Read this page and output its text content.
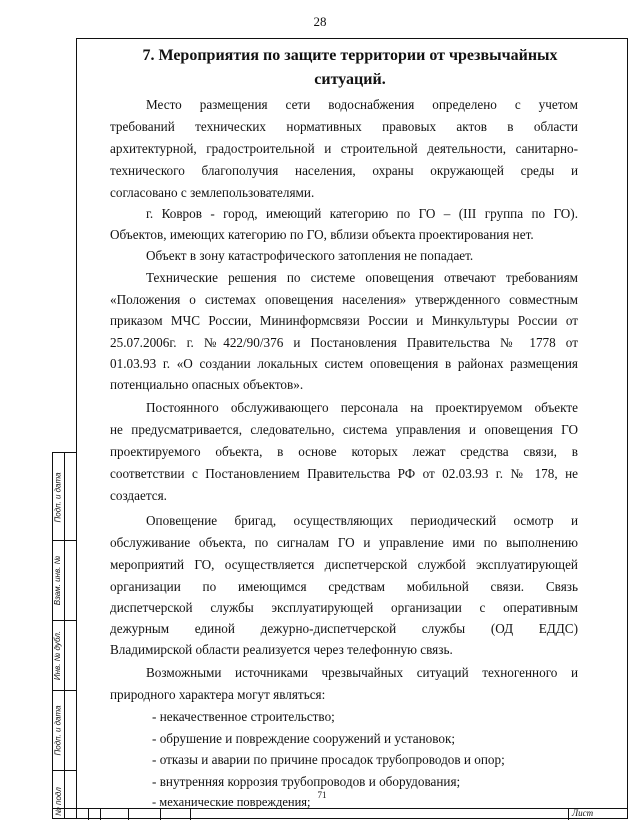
28
Подп. и дата
Взам. инв. №
Инв. № дубл.
Подп. и дата
№ подл
7. Мероприятия по защите территории от чрезвычайных
ситуаций.
Место размещения сети водоснабжения определено с учетом
требований технических нормативных правовых актов в области
архитектурной, градостроительной и строительной деятельности, санитарно-
технического благополучия населения, охраны окружающей среды и
согласовано с землепользователями.
г. Ковров - город, имеющий категорию по ГО – (III группа по ГО).
Объектов, имеющих категорию по ГО, вблизи объекта проектирования нет.
Объект в зону катастрофического затопления не попадает.
Технические решения по системе оповещения отвечают требованиям
«Положения о системах оповещения населения» утвержденного совместным
приказом МЧС России, Мининформсвязи России и Минкультуры России от
25.07.2006г. г. №422/90/376 и Постановления Правительства № 1778 от
01.03.93 г. «О создании локальных систем оповещения в районах размещения
потенциально опасных объектов».
Постоянного обслуживающего персонала на проектируемом объекте
не предусматривается, следовательно, система управления и оповещения ГО
проектируемого объекта, в основе которых лежат средства связи, в
соответствии с Постановлением Правительства РФ от 02.03.93 г. № 178, не
создается.
Оповещение бригад, осуществляющих периодический осмотр и
обслуживание объекта, по сигналам ГО и управление ими по выполнению
мероприятий ГО, осуществляется диспетчерской службой эксплуатирующей
организации по имеющимся средствам мобильной связи. Связь
диспетчерской службы эксплуатирующей организации с оперативным
дежурным единой дежурно-диспетчерской службы (ОД ЕДДС)
Владимирской области реализуется через телефонную связь.
Возможными источниками чрезвычайных ситуаций техногенного и
природного характера могут являться:
- некачественное строительство;
- обрушение и повреждение сооружений и установок;
- отказы и аварии по причине просадок трубопроводов и опор;
- внутренняя коррозия трубопроводов и оборудования;
- механические повреждения; 71
Лист
